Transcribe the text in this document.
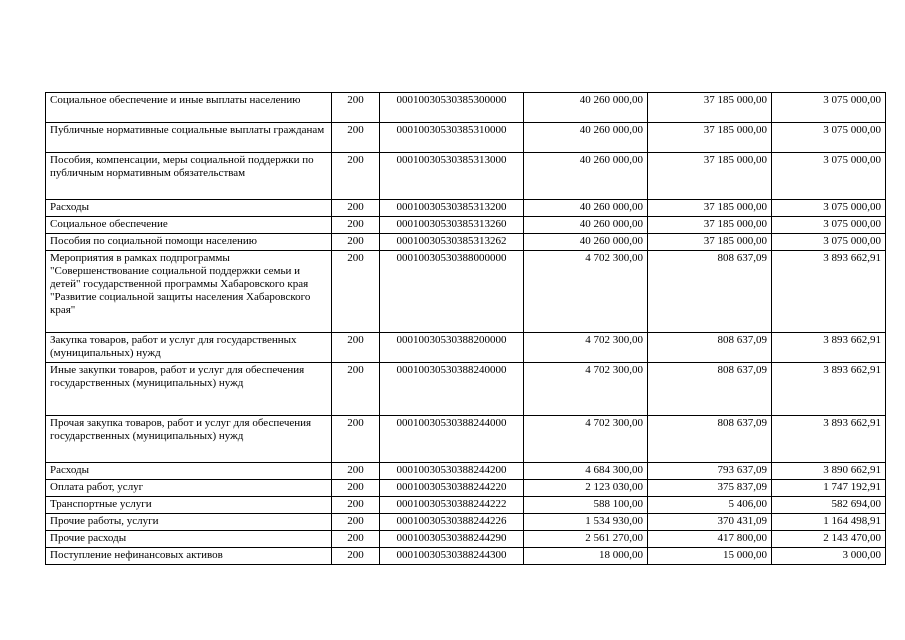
Социальное обеспечение и иные выплаты населению	200	00010030530385300000	40 260 000,00	37 185 000,00	3 075 000,00
Публичные нормативные социальные выплаты гражданам	200	00010030530385310000	40 260 000,00	37 185 000,00	3 075 000,00
Пособия, компенсации, меры социальной поддержки по публичным нормативным обязательствам	200	00010030530385313000	40 260 000,00	37 185 000,00	3 075 000,00
Расходы	200	00010030530385313200	40 260 000,00	37 185 000,00	3 075 000,00
Социальное обеспечение	200	00010030530385313260	40 260 000,00	37 185 000,00	3 075 000,00
Пособия по социальной помощи населению	200	00010030530385313262	40 260 000,00	37 185 000,00	3 075 000,00
Мероприятия в рамках подпрограммы "Совершенствование социальной поддержки семьи и детей" государственной программы Хабаровского края "Развитие социальной защиты населения Хабаровского края"	200	00010030530388000000	4 702 300,00	808 637,09	3 893 662,91
Закупка товаров, работ и услуг для государственных (муниципальных) нужд	200	00010030530388200000	4 702 300,00	808 637,09	3 893 662,91
Иные закупки товаров, работ и услуг для обеспечения государственных (муниципальных) нужд	200	00010030530388240000	4 702 300,00	808 637,09	3 893 662,91
Прочая закупка товаров, работ и услуг для обеспечения государственных (муниципальных) нужд	200	00010030530388244000	4 702 300,00	808 637,09	3 893 662,91
Расходы	200	00010030530388244200	4 684 300,00	793 637,09	3 890 662,91
Оплата работ, услуг	200	00010030530388244220	2 123 030,00	375 837,09	1 747 192,91
Транспортные услуги	200	00010030530388244222	588 100,00	5 406,00	582 694,00
Прочие работы, услуги	200	00010030530388244226	1 534 930,00	370 431,09	1 164 498,91
Прочие расходы	200	00010030530388244290	2 561 270,00	417 800,00	2 143 470,00
Поступление нефинансовых активов	200	00010030530388244300	18 000,00	15 000,00	3 000,00
